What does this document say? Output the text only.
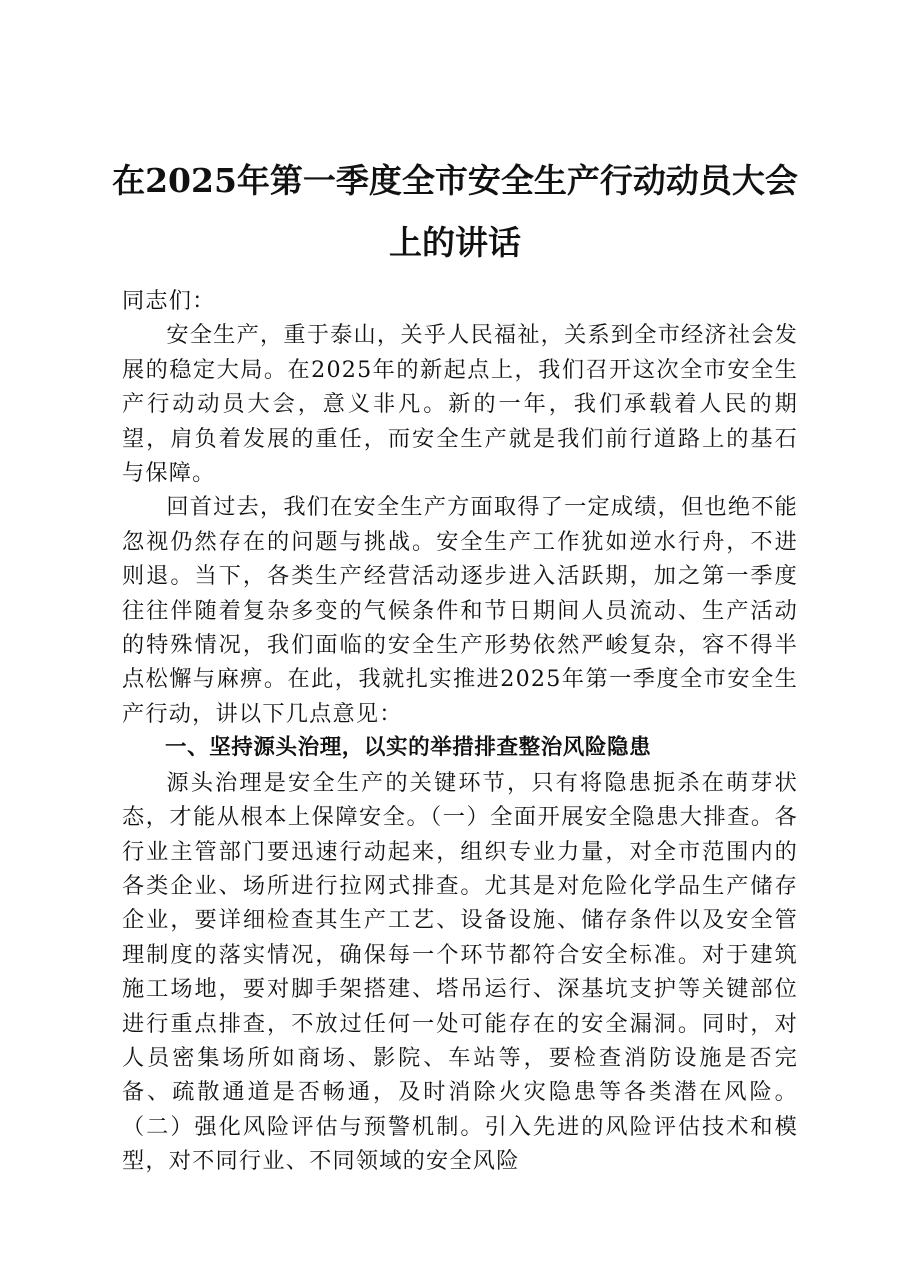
在2025年第一季度全市安全生产行动动员大会上的讲话

同志们：

安全生产，重于泰山，关乎人民福祉，关系到全市经济社会发展的稳定大局。在2025年的新起点上，我们召开这次全市安全生产行动动员大会，意义非凡。新的一年，我们承载着人民的期望，肩负着发展的重任，而安全生产就是我们前行道路上的基石与保障。

回首过去，我们在安全生产方面取得了一定成绩，但也绝不能忽视仍然存在的问题与挑战。安全生产工作犹如逆水行舟，不进则退。当下，各类生产经营活动逐步进入活跃期，加之第一季度往往伴随着复杂多变的气候条件和节日期间人员流动、生产活动的特殊情况，我们面临的安全生产形势依然严峻复杂，容不得半点松懈与麻痹。在此，我就扎实推进2025年第一季度全市安全生产行动，讲以下几点意见：

一、坚持源头治理，以实的举措排查整治风险隐患

源头治理是安全生产的关键环节，只有将隐患扼杀在萌芽状态，才能从根本上保障安全。（一）全面开展安全隐患大排查。各行业主管部门要迅速行动起来，组织专业力量，对全市范围内的各类企业、场所进行拉网式排查。尤其是对危险化学品生产储存企业，要详细检查其生产工艺、设备设施、储存条件以及安全管理制度的落实情况，确保每一个环节都符合安全标准。对于建筑施工场地，要对脚手架搭建、塔吊运行、深基坑支护等关键部位进行重点排查，不放过任何一处可能存在的安全漏洞。同时，对人员密集场所如商场、影院、车站等，要检查消防设施是否完备、疏散通道是否畅通，及时消除火灾隐患等各类潜在风险。（二）强化风险评估与预警机制。引入先进的风险评估技术和模型，对不同行业、不同领域的安全风险
